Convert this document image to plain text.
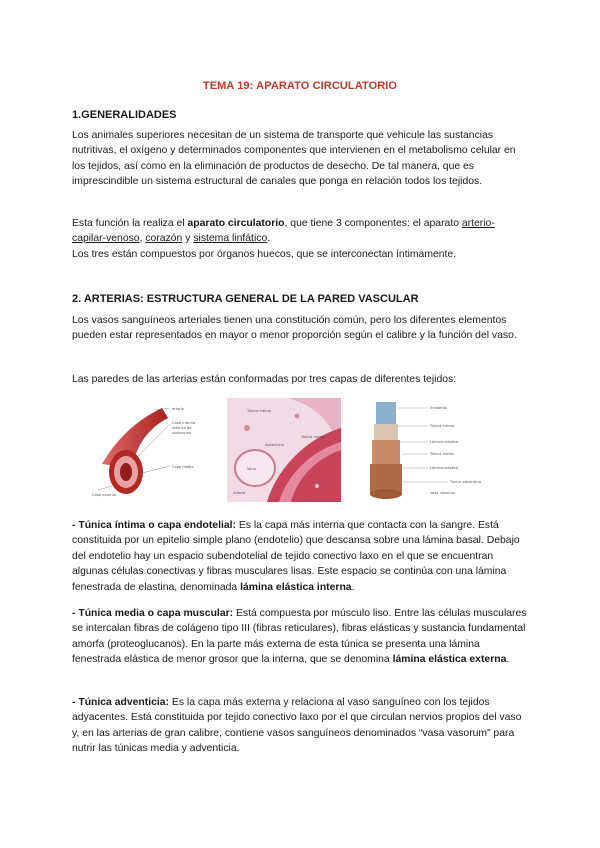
TEMA 19: APARATO CIRCULATORIO
1.GENERALIDADES

Los animales superiores necesitan de un sistema de transporte que vehicule las sustancias nutritivas, el oxígeno y determinados componentes que intervienen en el metabolismo celular en los tejidos, así como en la eliminación de productos de desecho. De tal manera, que es imprescindible un sistema estructural de canales que ponga en relación todos los tejidos.

Esta función la realiza el aparato circulatorio, que tiene 3 componentes: el aparato arterio-capilar-venoso, corazón y sistema linfático.
Los tres están compuestos por órganos huecos, que se interconectan íntimamente.

2. ARTERIAS: ESTRUCTURA GENERAL DE LA PARED VASCULAR

Los vasos sanguíneos arteriales tienen una constitución común, pero los diferentes elementos pueden estar representados en mayor o menor proporción según el calibre y la función del vaso.

Las paredes de las arterias están conformadas por tres capas de diferentes tejidos:

arteria
Capa interna
elástica de
sustancias
Capa media
Capa externa
Túnica íntima
Túnica media
Adventicia
Arteria
Vena
Endotelio
Túnica íntima
Lámina elástica
Túnica media
Lámina elástica
Túnica adventicia
Vasa vasorum

- Túnica íntima o capa endotelial: Es la capa más interna que contacta con la sangre. Está constituida por un epitelio simple plano (endotelio) que descansa sobre una lámina basal. Debajo del endotelio hay un espacio subendotelial de tejido conectivo laxo en el que se encuentran algunas células conectivas y fibras musculares lisas. Este espacio se continúa con una lámina fenestrada de elastina, denominada lámina elástica interna.

- Túnica media o capa muscular: Está compuesta por músculo liso. Entre las células musculares se intercalan fibras de colágeno tipo III (fibras reticulares), fibras elásticas y sustancia fundamental amorfa (proteoglucanos). En la parte más externa de esta túnica se presenta una lámina fenestrada elástica de menor grosor que la interna, que se denomina lámina elástica externa.

- Túnica adventicia: Es la capa más externa y relaciona al vaso sanguíneo con los tejidos adyacentes. Está constituida por tejido conectivo laxo por el que circulan nervios propios del vaso y, en las arterias de gran calibre, contiene vasos sanguíneos denominados “vasa vasorum” para nutrir las túnicas media y adventicia.
